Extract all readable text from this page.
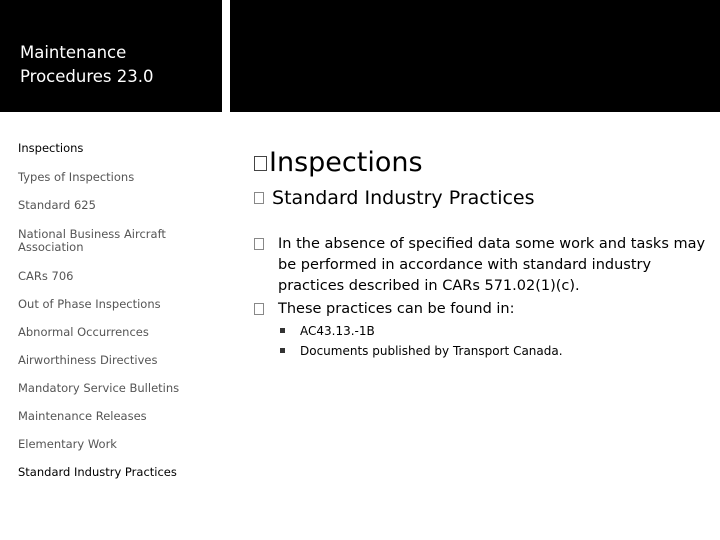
Maintenance Procedures 23.0
Inspections
Types of Inspections
Standard 625
National Business Aircraft Association
CARs 706
Out of Phase Inspections
Abnormal Occurrences
Airworthiness Directives
Mandatory Service Bulletins
Maintenance Releases
Elementary Work
Standard Industry Practices
Inspections
Standard Industry Practices
In the absence of specified data some work and tasks may be performed in accordance with standard industry practices described in CARs 571.02(1)(c).
These practices can be found in:
AC43.13.-1B
Documents published by Transport Canada.
